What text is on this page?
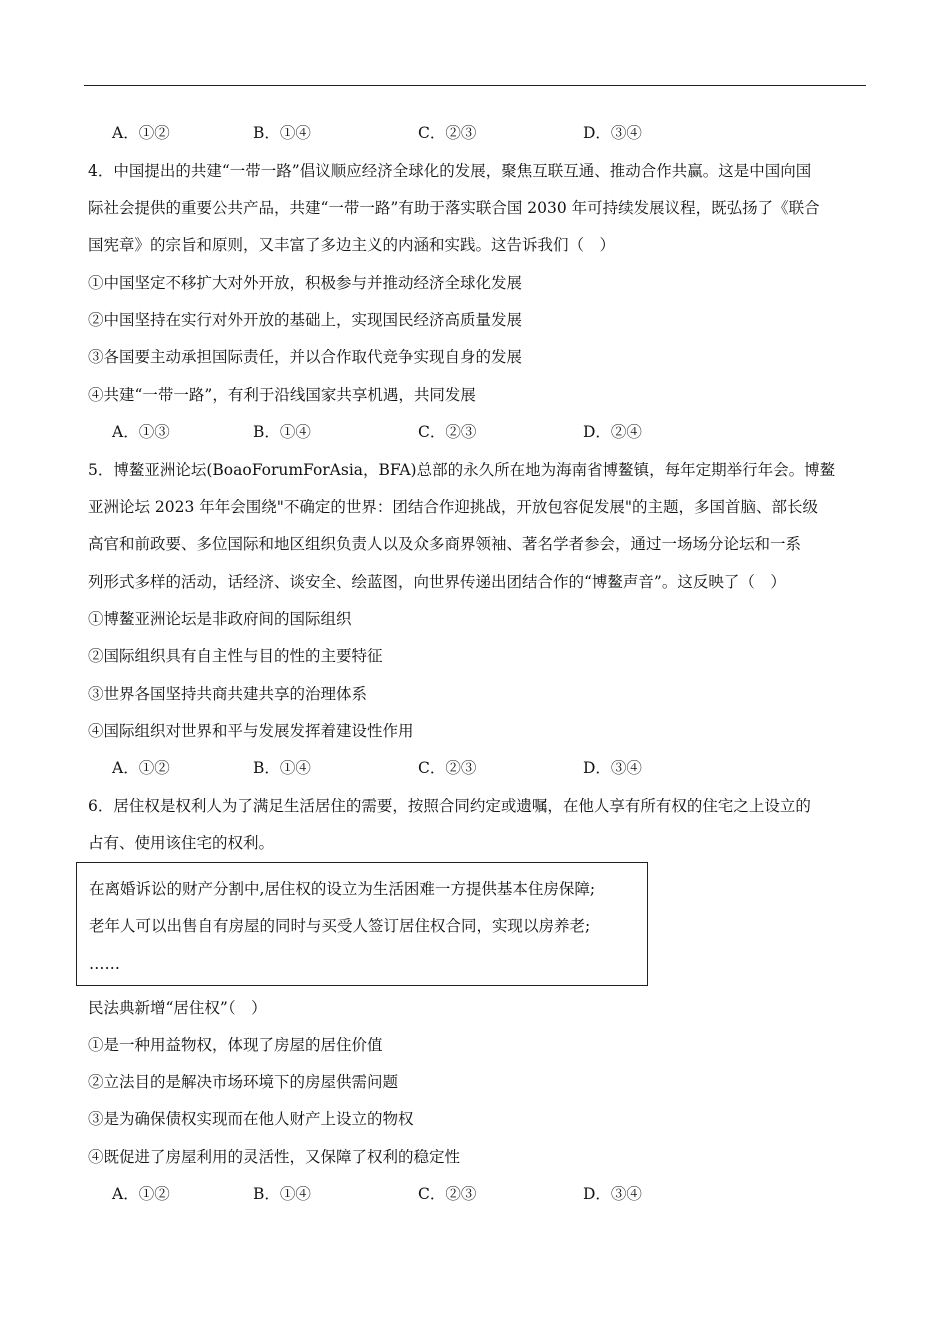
A．①②	B．①④	C．②③	D．③④
4．中国提出的共建“一带一路”倡议顺应经济全球化的发展，聚焦互联互通、推动合作共赢。这是中国向国
际社会提供的重要公共产品，共建“一带一路”有助于落实联合国 2030 年可持续发展议程，既弘扬了《联合
国宪章》的宗旨和原则，又丰富了多边主义的内涵和实践。这告诉我们（　）
①中国坚定不移扩大对外开放，积极参与并推动经济全球化发展
②中国坚持在实行对外开放的基础上，实现国民经济高质量发展
③各国要主动承担国际责任，并以合作取代竞争实现自身的发展
④共建“一带一路”，有利于沿线国家共享机遇，共同发展
A．①③	B．①④	C．②③	D．②④
5．博鳌亚洲论坛(BoaoForumForAsia，BFA)总部的永久所在地为海南省博鳌镇，每年定期举行年会。博鳌
亚洲论坛 2023 年年会围绕"不确定的世界：团结合作迎挑战，开放包容促发展"的主题，多国首脑、部长级
高官和前政要、多位国际和地区组织负责人以及众多商界领袖、著名学者参会，通过一场场分论坛和一系
列形式多样的活动，话经济、谈安全、绘蓝图，向世界传递出团结合作的“博鳌声音”。这反映了（　）
①博鳌亚洲论坛是非政府间的国际组织
②国际组织具有自主性与目的性的主要特征
③世界各国坚持共商共建共享的治理体系
④国际组织对世界和平与发展发挥着建设性作用
A．①②	B．①④	C．②③	D．③④
6．居住权是权利人为了满足生活居住的需要，按照合同约定或遗嘱，在他人享有所有权的住宅之上设立的
占有、使用该住宅的权利。
在离婚诉讼的财产分割中,居住权的设立为生活困难一方提供基本住房保障;
老年人可以出售自有房屋的同时与买受人签订居住权合同，实现以房养老;
……
民法典新增“居住权”（　）
①是一种用益物权，体现了房屋的居住价值
②立法目的是解决市场环境下的房屋供需问题
③是为确保债权实现而在他人财产上设立的物权
④既促进了房屋利用的灵活性，又保障了权利的稳定性
A．①②	B．①④	C．②③	D．③④
